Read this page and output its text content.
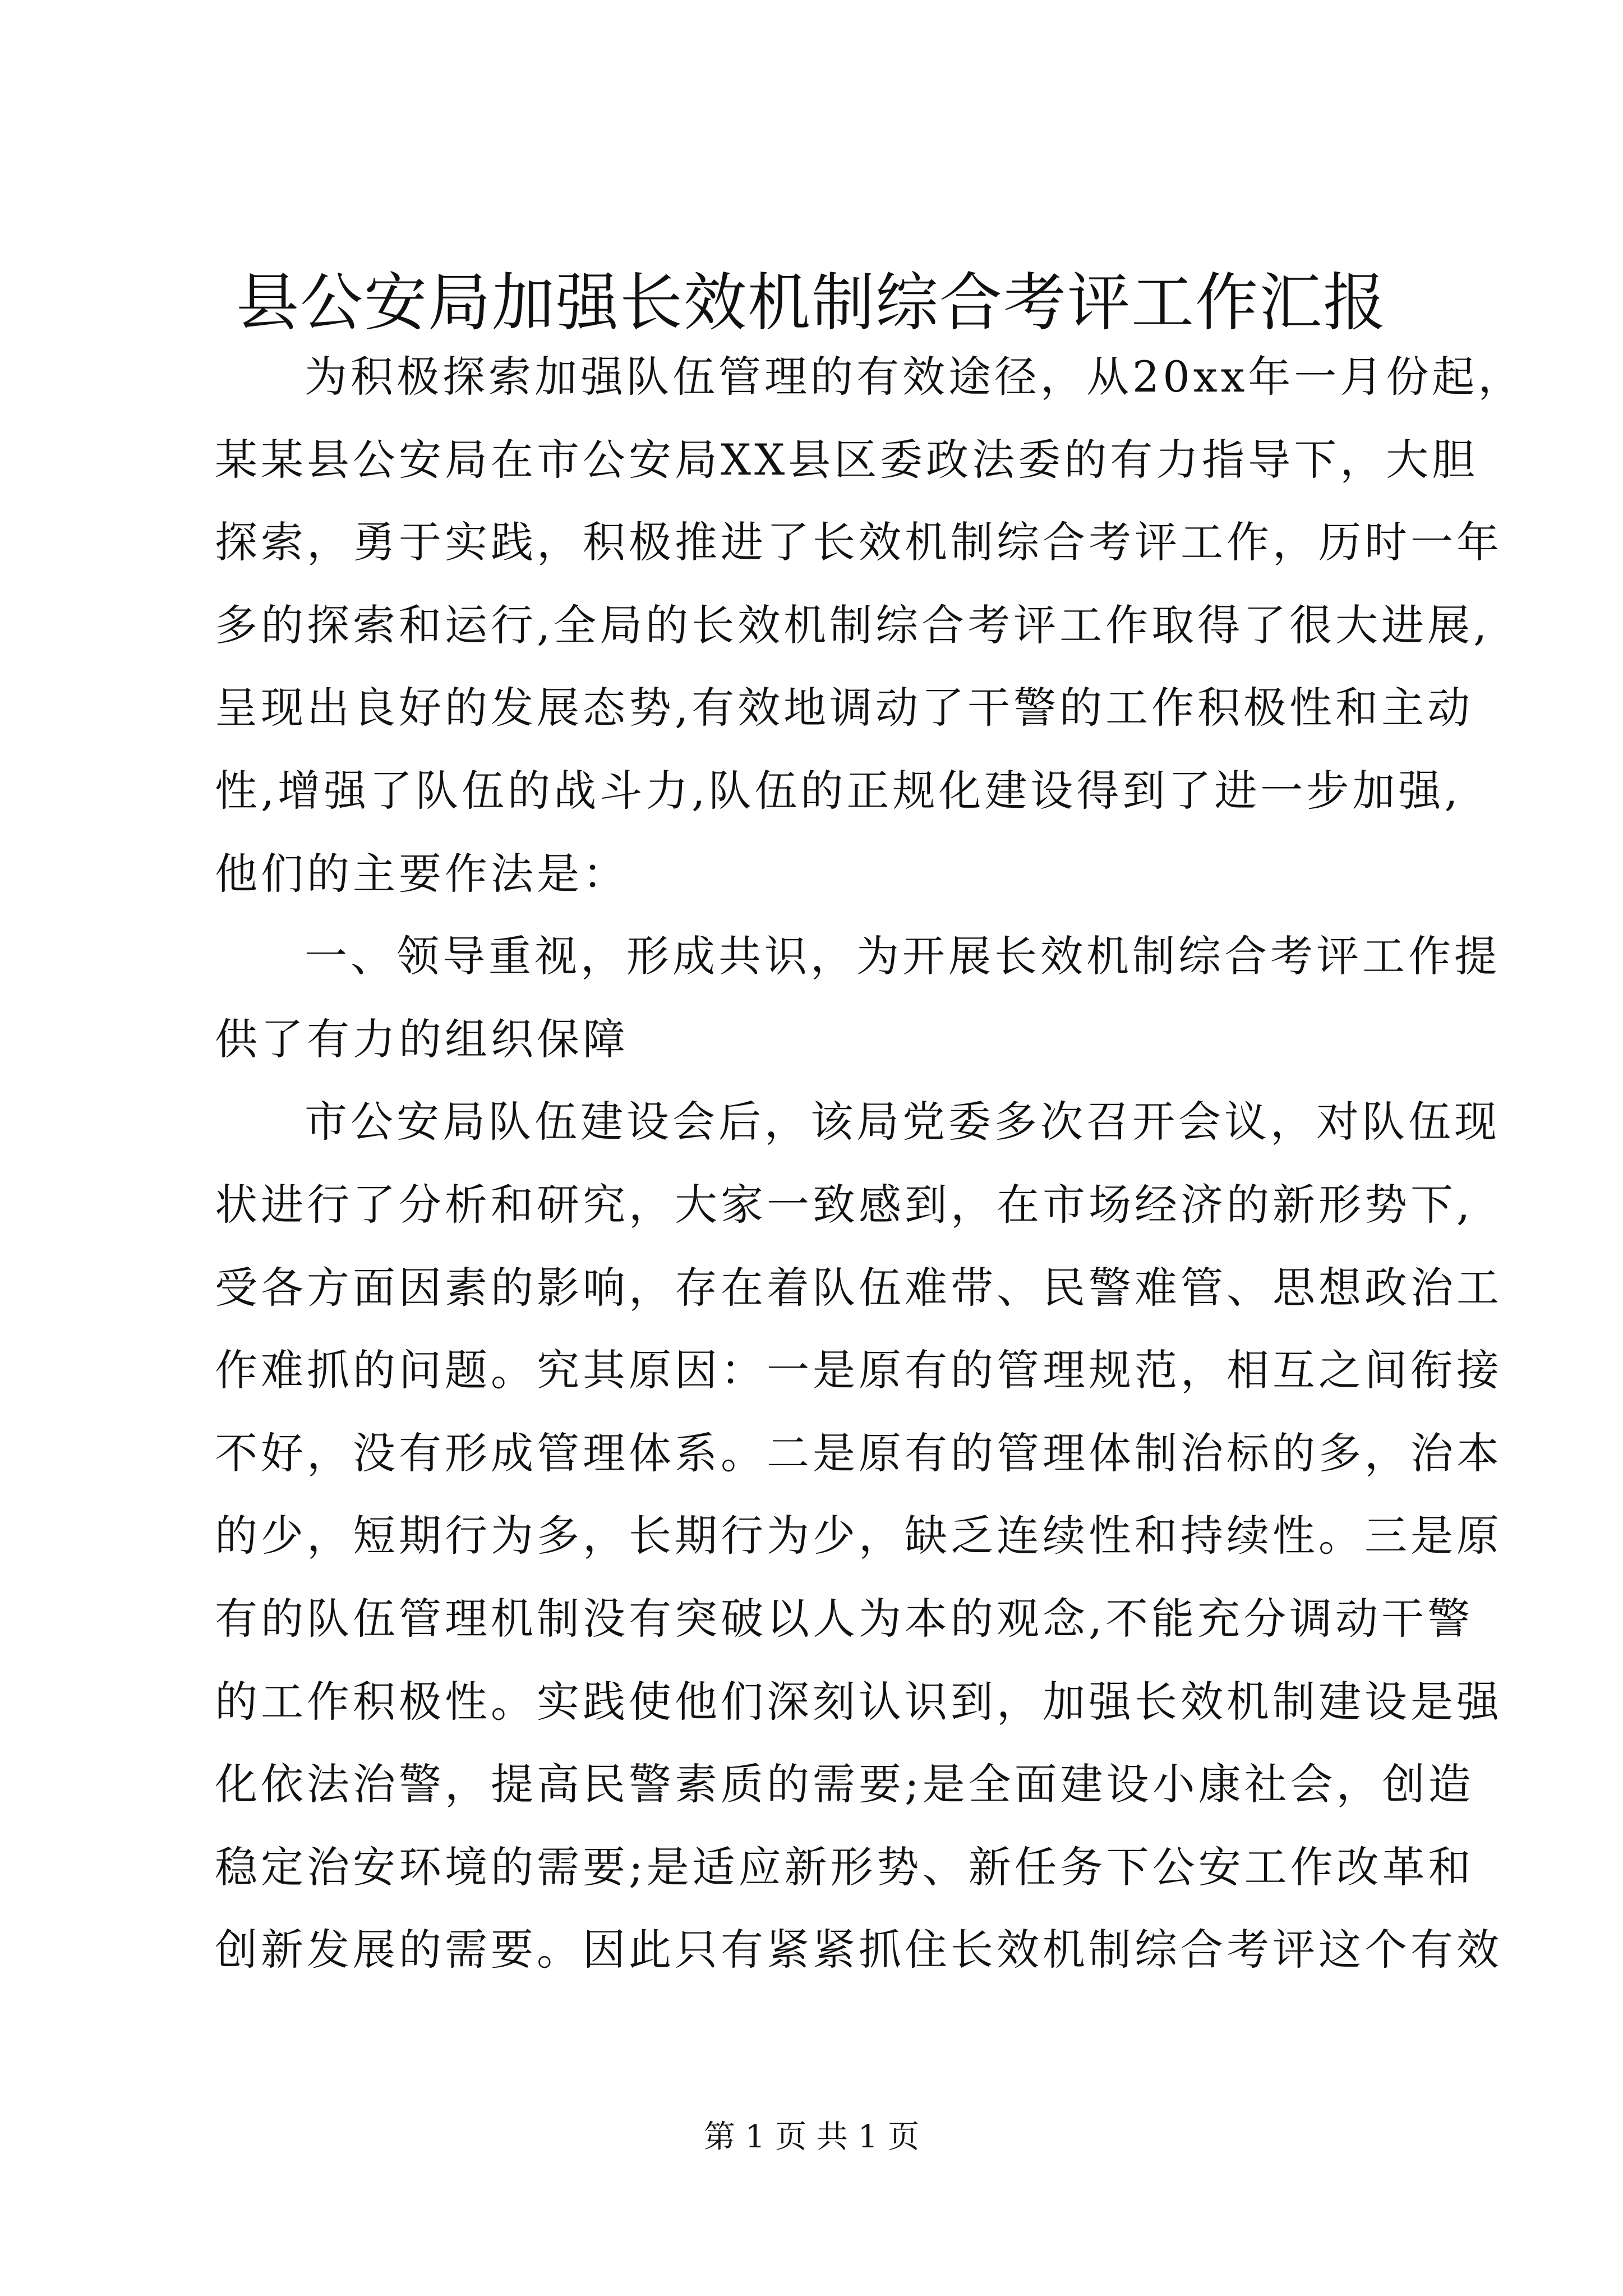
县公安局加强长效机制综合考评工作汇报
为积极探索加强队伍管理的有效途径，从20xx年一月份起，
某某县公安局在市公安局XX县区委政法委的有力指导下，大胆
探索，勇于实践，积极推进了长效机制综合考评工作，历时一年
多的探索和运行,全局的长效机制综合考评工作取得了很大进展,
呈现出良好的发展态势,有效地调动了干警的工作积极性和主动
性,增强了队伍的战斗力,队伍的正规化建设得到了进一步加强,
他们的主要作法是：
一、领导重视，形成共识，为开展长效机制综合考评工作提
供了有力的组织保障
市公安局队伍建设会后，该局党委多次召开会议，对队伍现
状进行了分析和研究，大家一致感到，在市场经济的新形势下,
受各方面因素的影响，存在着队伍难带、民警难管、思想政治工
作难抓的问题。究其原因：一是原有的管理规范，相互之间衔接
不好，没有形成管理体系。二是原有的管理体制治标的多，治本
的少，短期行为多，长期行为少，缺乏连续性和持续性。三是原
有的队伍管理机制没有突破以人为本的观念,不能充分调动干警
的工作积极性。实践使他们深刻认识到，加强长效机制建设是强
化依法治警，提高民警素质的需要;是全面建设小康社会，创造
稳定治安环境的需要;是适应新形势、新任务下公安工作改革和
创新发展的需要。因此只有紧紧抓住长效机制综合考评这个有效
第 1 页 共 1 页
